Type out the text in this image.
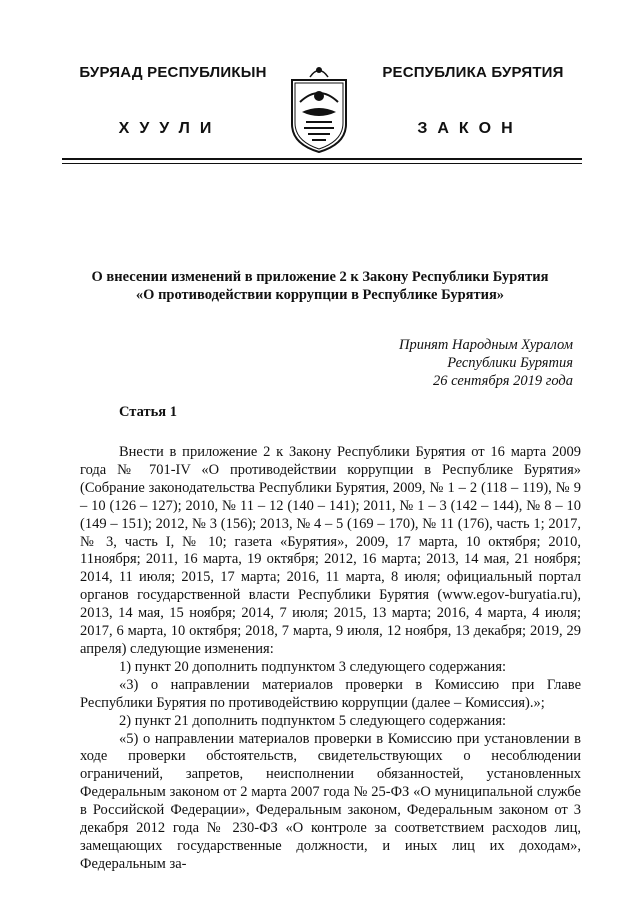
БУРЯАД РЕСПУБЛИКЫН
ХУУЛИ
РЕСПУБЛИКА БУРЯТИЯ
ЗАКОН
О внесении изменений в приложение 2 к Закону Республики Бурятия
«О противодействии коррупции в Республике Бурятия»
Принят Народным Хуралом
Республики Бурятия
26 сентября 2019 года
Статья 1

Внести в приложение 2 к Закону Республики Бурятия от 16 марта 2009 года № 701-IV «О противодействии коррупции в Республике Бурятия» (Собрание законодательства Республики Бурятия, 2009, № 1 – 2 (118 – 119), № 9 – 10 (126 – 127); 2010, № 11 – 12 (140 – 141); 2011, № 1 – 3 (142 – 144), № 8 – 10 (149 – 151); 2012, № 3 (156); 2013, № 4 – 5 (169 – 170), № 11 (176), часть 1; 2017, № 3, часть I, № 10; газета «Бурятия», 2009, 17 марта, 10 октября; 2010, 11ноября; 2011, 16 марта, 19 октября; 2012, 16 марта; 2013, 14 мая, 21 ноября; 2014, 11 июля; 2015, 17 марта; 2016, 11 марта, 8 июля; официальный портал органов государственной власти Республики Бурятия (www.egov-buryatia.ru), 2013, 14 мая, 15 ноября; 2014, 7 июля; 2015, 13 марта; 2016, 4 марта, 4 июля; 2017, 6 марта, 10 октября; 2018, 7 марта, 9 июля, 12 ноября, 13 декабря; 2019, 29 апреля) следующие изменения:

1) пункт 20 дополнить подпунктом 3 следующего содержания:

«3) о направлении материалов проверки в Комиссию при Главе Республики Бурятия по противодействию коррупции (далее – Комиссия).»;

2) пункт 21 дополнить подпунктом 5 следующего содержания:

«5) о направлении материалов проверки в Комиссию при установлении в ходе проверки обстоятельств, свидетельствующих о несоблюдении ограничений, запретов, неисполнении обязанностей, установленных Федеральным законом от 2 марта 2007 года № 25-ФЗ «О муниципальной службе в Российской Федерации», Федеральным законом, Федеральным законом от 3 декабря 2012 года № 230-ФЗ «О контроле за соответствием расходов лиц, замещающих государственные должности, и иных лиц их доходам», Федеральным за-
